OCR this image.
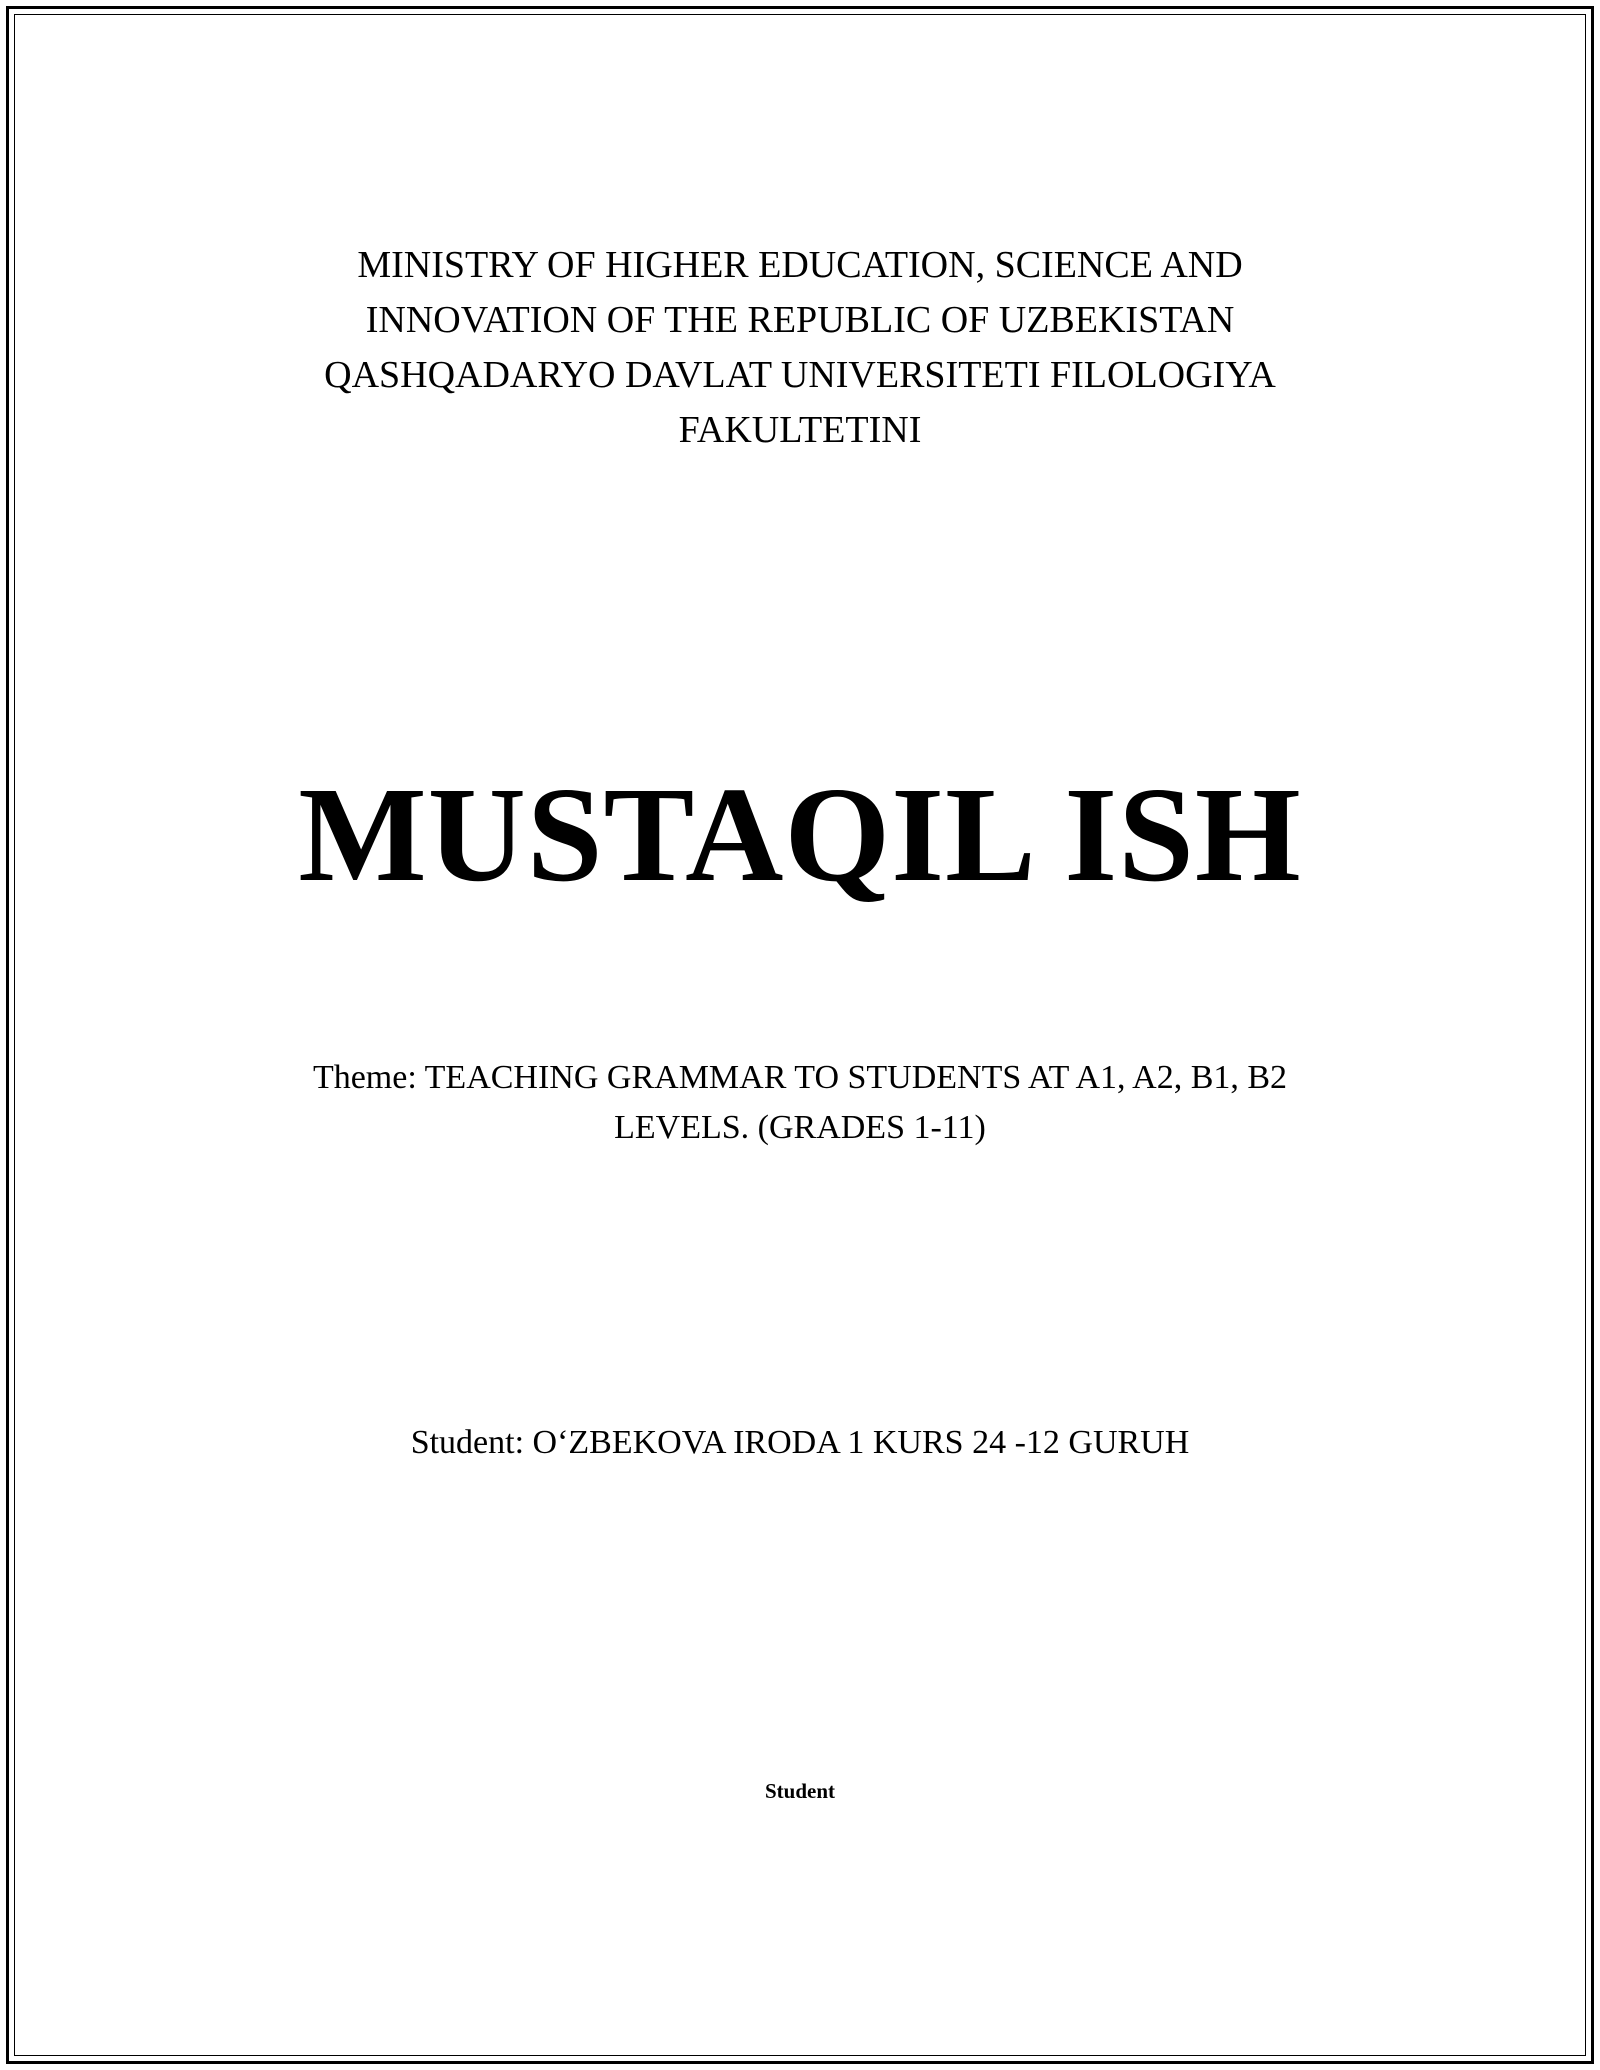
MINISTRY OF HIGHER EDUCATION, SCIENCE AND
INNOVATION OF THE REPUBLIC OF UZBEKISTAN
QASHQADARYO DAVLAT UNIVERSITETI FILOLOGIYA
FAKULTETINI
MUSTAQIL ISH
Theme: TEACHING GRAMMAR TO STUDENTS AT A1, A2, B1, B2
LEVELS. (GRADES 1-11)
Student: O‘ZBEKOVA IRODA 1 KURS 24 -12 GURUH
Student
